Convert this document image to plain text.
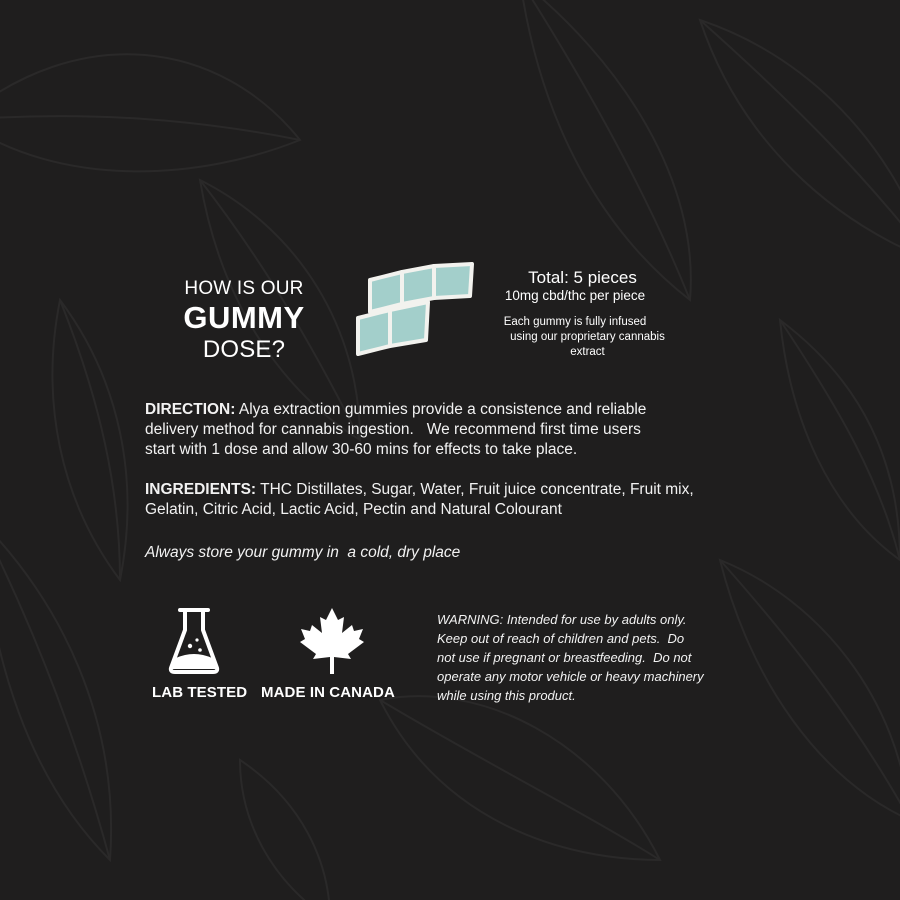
HOW IS OUR
GUMMY
DOSE?
Total: 5 pieces
10mg cbd/thc per piece
Each gummy is fully infused
using our proprietary cannabis
extract
DIRECTION: Alya extraction gummies provide a consistence and reliable
delivery method for cannabis ingestion.   We recommend first time users
start with 1 dose and allow 30-60 mins for effects to take place.
INGREDIENTS: THC Distillates, Sugar, Water, Fruit juice concentrate, Fruit mix,
Gelatin, Citric Acid, Lactic Acid, Pectin and Natural Colourant
Always store your gummy in  a cold, dry place
LAB TESTED MADE IN CANADA
WARNING: Intended for use by adults only.
Keep out of reach of children and pets.  Do
not use if pregnant or breastfeeding.  Do not
operate any motor vehicle or heavy machinery
while using this product.
